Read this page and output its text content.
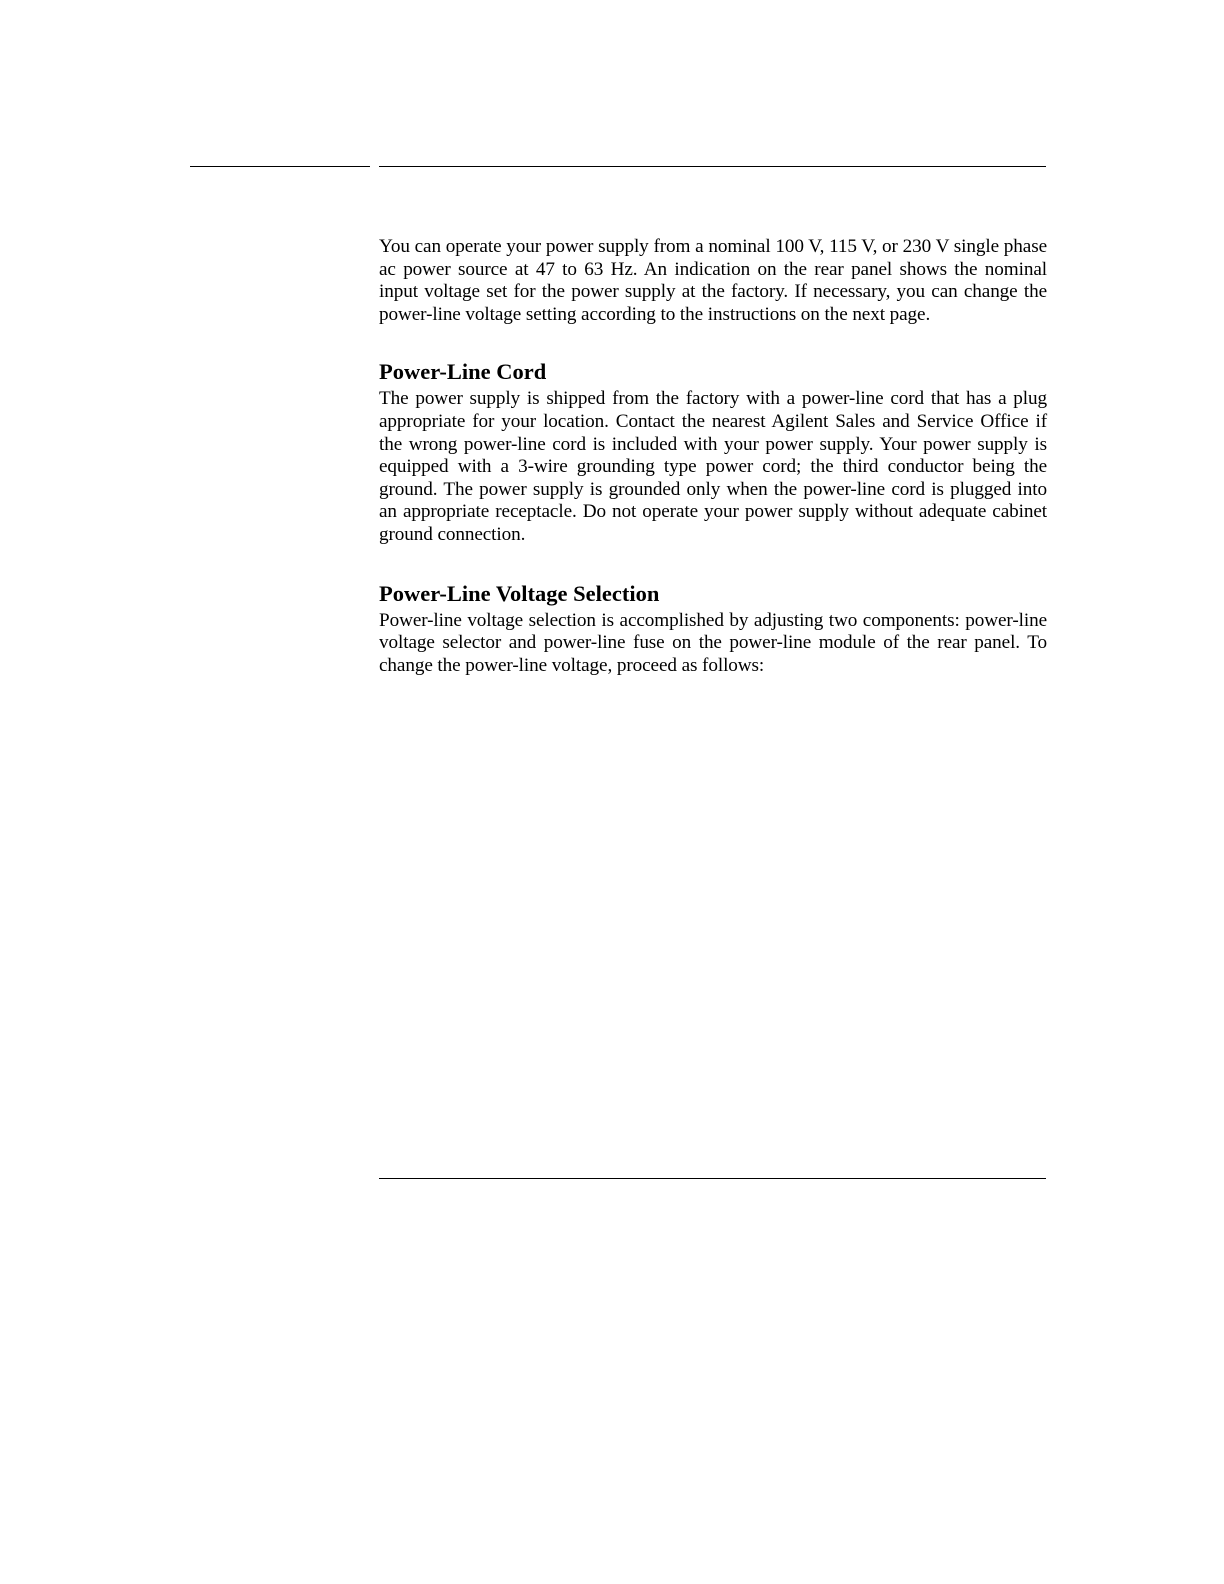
You can operate your power supply from a nominal 100 V, 115 V, or 230 V single phase ac power source at 47 to 63 Hz. An indication on the rear panel shows the nominal input voltage set for the power supply at the factory. If necessary, you can change the power-line voltage setting according to the instructions on the next page.

Power-Line Cord

The power supply is shipped from the factory with a power-line cord that has a plug appropriate for your location. Contact the nearest Agilent Sales and Service Office if the wrong power-line cord is included with your power supply. Your power supply is equipped with a 3-wire grounding type power cord; the third conductor being the ground. The power supply is grounded only when the power-line cord is plugged into an appropriate receptacle. Do not operate your power supply without adequate cabinet ground connection.

Power-Line Voltage Selection

Power-line voltage selection is accomplished by adjusting two components: power-line voltage selector and power-line fuse on the power-line module of the rear panel. To change the power-line voltage, proceed as follows:
